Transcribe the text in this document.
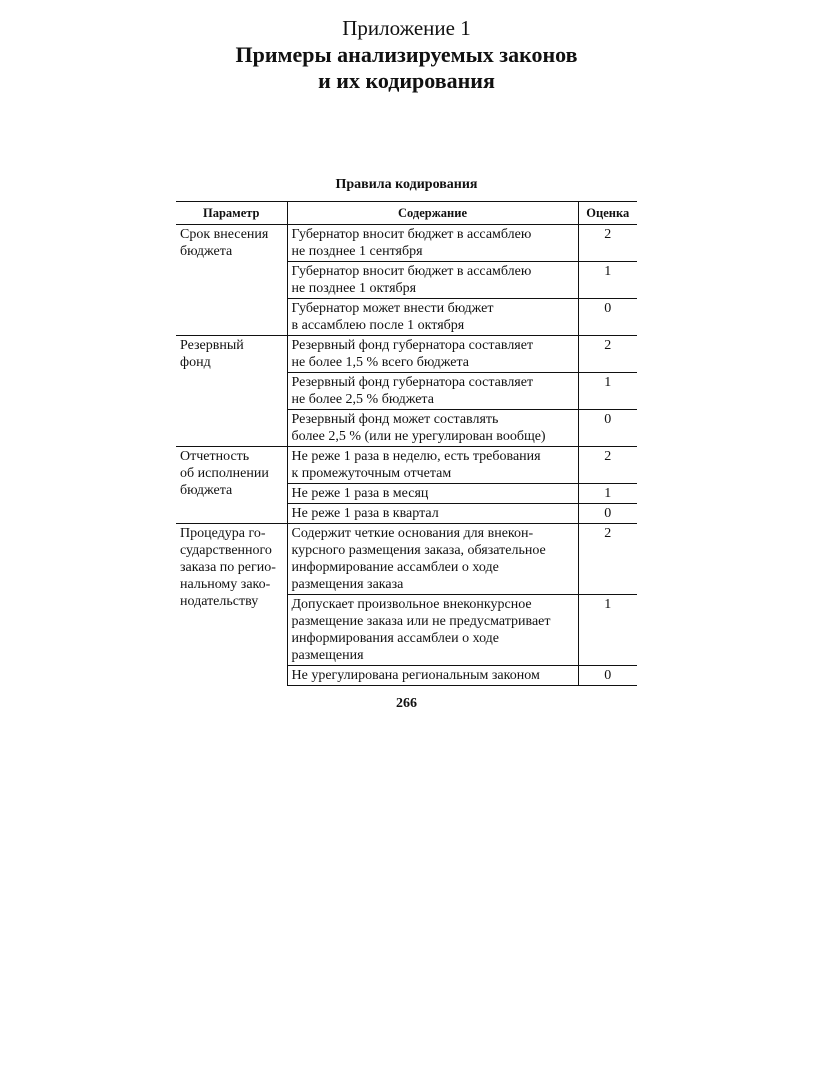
Приложение 1
Примеры анализируемых законов
и их кодирования
Правила кодирования
Параметр	Содержание	Оценка

Срок внесения
бюджета	Губернатор вносит бюджет в ассамблею
не позднее 1 сентября	2

	Губернатор вносит бюджет в ассамблею
не позднее 1 октября	1

	Губернатор может внести бюджет
в ассамблею после 1 октября	0

Резервный
фонд	Резервный фонд губернатора составляет
не более 1,5 % всего бюджета	2

	Резервный фонд губернатора составляет
не более 2,5 % бюджета	1

	Резервный фонд может составлять
более 2,5 % (или не урегулирован вообще)	0

Отчетность
об исполнении
бюджета	Не реже 1 раза в неделю, есть требования
к промежуточным отчетам	2

	Не реже 1 раза в месяц	1

	Не реже 1 раза в квартал	0

Процедура го-
сударственного
заказа по регио-
нальному зако-
нодательству	Содержит четкие основания для внекон-
курсного размещения заказа, обязательное
информирование ассамблеи о ходе
размещения заказа	2

	Допускает произвольное внеконкурсное
размещение заказа или не предусматривает
информирования ассамблеи о ходе
размещения	1

	Не урегулирована региональным законом	0
266
